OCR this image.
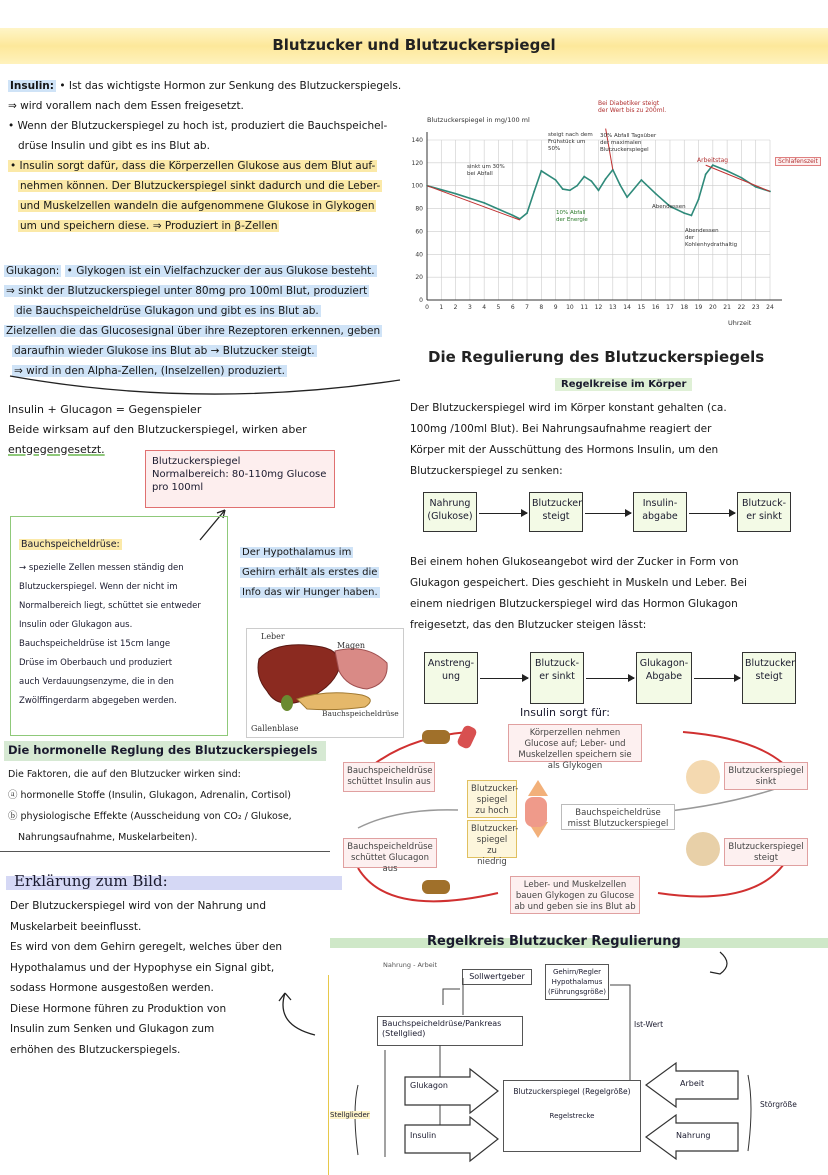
Blutzucker und Blutzuckerspiegel
Insulin: • Ist das wichtigste Hormon zur Senkung des Blutzuckerspiegels.
⇒ wird vorallem nach dem Essen freigesetzt.
• Wenn der Blutzuckerspiegel zu hoch ist, produziert die Bauchspeichel-
drüse Insulin und gibt es ins Blut ab.
• Insulin sorgt dafür, dass die Körperzellen Glukose aus dem Blut auf-
nehmen können. Der Blutzuckerspiegel sinkt dadurch und die Leber-
und Muskelzellen wandeln die aufgenommene Glukose in Glykogen
um und speichern diese. ⇒ Produziert in β-Zellen
Glukagon: • Glykogen ist ein Vielfachzucker der aus Glukose besteht.
⇒ sinkt der Blutzuckerspiegel unter 80mg pro 100ml Blut, produziert
die Bauchspeicheldrüse Glukagon und gibt es ins Blut ab.
Zielzellen die das Glucosesignal über ihre Rezeptoren erkennen, geben
daraufhin wieder Glukose ins Blut ab → Blutzucker steigt.
⇒ wird in den Alpha-Zellen, (Inselzellen) produziert.
Insulin + Glucagon = Gegenspieler
Beide wirksam auf den Blutzuckerspiegel, wirken aber
entgegengesetzt.
Blutzuckerspiegel
Normalbereich: 80-110mg Glucose
pro 100ml
Bauchspeicheldrüse:
→ spezielle Zellen messen ständig den
Blutzuckerspiegel. Wenn der nicht im
Normalbereich liegt, schüttet sie entweder
Insulin oder Glukagon aus.
Bauchspeicheldrüse ist 15cm lange
Drüse im Oberbauch und produziert
auch Verdauungsenzyme, die in den
Zwölffingerdarm abgegeben werden.
Der Hypothalamus im
Gehirn erhält als erstes die
Info das wir Hunger haben.
Leber
Magen
Gallenblase
Bauchspeicheldrüse
0
20
40
60
80
100
120
140
0 1 2 3 4 5 6 7 8 9 10 11 12 13 14 15 16 17 18 19 20 21 22 23 24
Blutzuckerspiegel in mg/100 ml
Uhrzeit
Bei Diabetiker steigt der Wert bis zu 200ml.
sinkt um 30% bei Abfall
steigt nach dem Frühstück um 50%
30% Abfall Tagsüber der maximalen Blutzuckerspiegel
10% Abfall der Energie
Abendessen
Abendessen der Kohlenhydrathaltig
Schlafenszeit
Arbeitstag
Die Regulierung des Blutzuckerspiegels
Regelkreise im Körper
Der Blutzuckerspiegel wird im Körper konstant gehalten (ca.
100mg /100ml Blut). Bei Nahrungsaufnahme reagiert der
Körper mit der Ausschüttung des Hormons Insulin, um den
Blutzuckerspiegel zu senken:
Nahrung (Glukose)
Blutzucker steigt
Insulin-abgabe
Blutzuck-er sinkt
Bei einem hohen Glukoseangebot wird der Zucker in Form von
Glukagon gespeichert. Dies geschieht in Muskeln und Leber. Bei
einem niedrigen Blutzuckerspiegel wird das Hormon Glukagon
freigesetzt, das den Blutzucker steigen lässt:
Anstreng-ung
Blutzuck-er sinkt
Glukagon-Abgabe
Blutzucker steigt
Die hormonelle Reglung des Blutzuckerspiegels
Die Faktoren, die auf den Blutzucker wirken sind:
ⓐ hormonelle Stoffe (Insulin, Glukagon, Adrenalin, Cortisol)
ⓑ physiologische Effekte (Ausscheidung von CO₂ / Glukose,
Nahrungsaufnahme, Muskelarbeiten).
Insulin sorgt für:
Körperzellen nehmen Glucose auf; Leber- und Muskelzellen speichern sie als Glykogen
Bauchspeicheldrüse schüttet Insulin aus
Blutzuckerspiegel sinkt
Blutzucker-spiegel zu hoch	Bauchspeicheldrüse misst Blutzuckerspiegel
Blutzucker-spiegel zu niedrig
Bauchspeicheldrüse schüttet Glucagon aus
Blutzuckerspiegel steigt
Leber- und Muskelzellen bauen Glykogen zu Glucose ab und geben sie ins Blut ab
Erklärung zum Bild:
Der Blutzuckerspiegel wird von der Nahrung und
Muskelarbeit beeinflusst.
Es wird von dem Gehirn geregelt, welches über den
Hypothalamus und der Hypophyse ein Signal gibt,
sodass Hormone ausgestoßen werden.
Diese Hormone führen zu Produktion von
Insulin zum Senken und Glukagon zum
erhöhen des Blutzuckerspiegels.
Regelkreis Blutzucker Regulierung
Nahrung - Arbeit
Sollwertgeber	Gehirn/Regler Hypothalamus (Führungsgröße)
Bauchspeicheldrüse/Pankreas (Stellglied)
Ist-Wert
Glukagon
Insulin
Blutzuckerspiegel (Regelgröße)
Regelstrecke
Arbeit
Nahrung
Stellglieder
Störgröße
